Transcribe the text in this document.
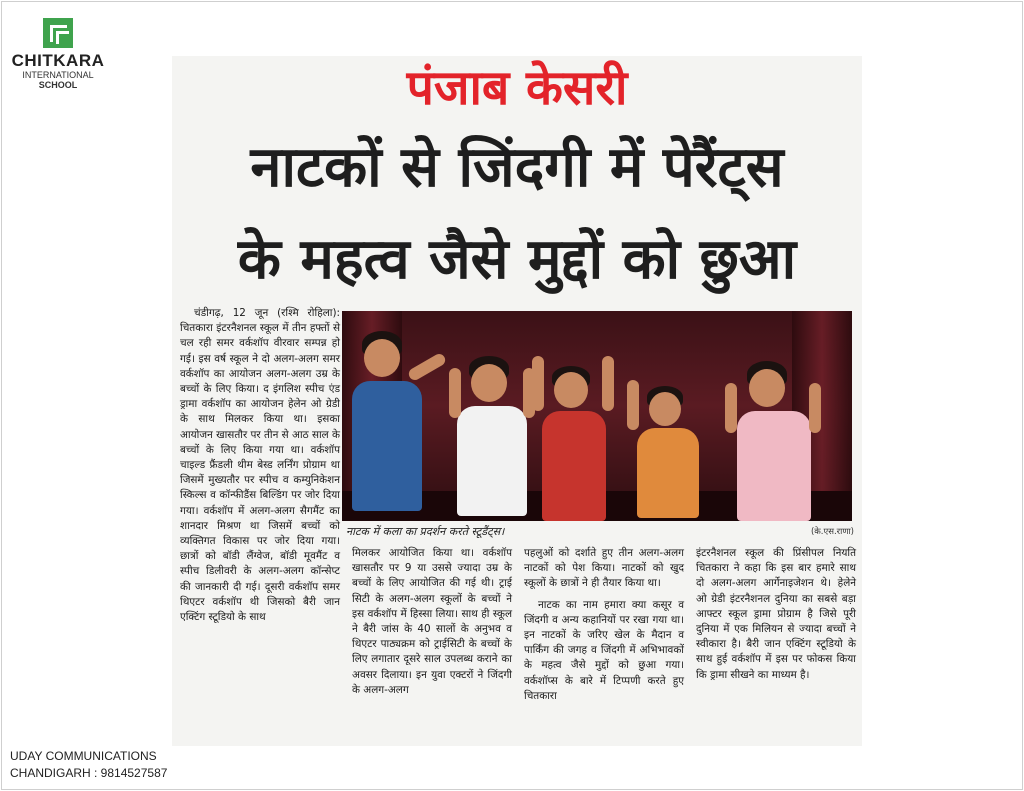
CHITKARA
INTERNATIONAL
SCHOOL	पंजाब केसरी
नाटकों से जिंदगी में पेरैंट्स
के महत्व जैसे मुद्दों को छुआ

चंडीगढ़, 12 जून (रश्मि रोहिला): चितकारा इंटरनैशनल स्कूल में तीन हफ्तों से चल रही समर वर्कशॉप वीरवार सम्पन्न हो गई। इस वर्ष स्कूल ने दो अलग-अलग समर वर्कशॉप का आयोजन अलग-अलग उम्र के बच्चों के लिए किया। द इंगलिश स्पीच एंड ड्रामा वर्कशॉप का आयोजन हेलेन ओ ग्रेडी के साथ मिलकर किया था। इसका आयोजन खासतौर पर तीन से आठ साल के बच्चों के लिए किया गया था। वर्कशॉप चाइल्ड फ्रैंडली थीम बेस्ड लर्निंग प्रोग्राम था जिसमें मुख्यतौर पर स्पीच व कम्युनिकेशन स्किल्स व कॉन्फीडैंस बिल्डिंग पर जोर दिया गया। वर्कशॉप में अलग-अलग सैगमैंट का शानदार मिश्रण था जिसमें बच्चों को व्यक्तिगत विकास पर जोर दिया गया। छात्रों को बॉडी लैंग्वेज, बॉडी मूवमैंट व स्पीच डिलीवरी के अलग-अलग कॉन्सेप्ट की जानकारी दी गई। दूसरी वर्कशॉप समर थिएटर वर्कशॉप थी जिसको बैरी जान एक्टिंग स्टूडियो के साथ

नाटक में कला का प्रदर्शन करते स्टूडैंट्स।	(के.एस.राणा)

मिलकर आयोजित किया था। वर्कशॉप खासतौर पर 9 या उससे ज्यादा उम्र के बच्चों के लिए आयोजित की गई थी। ट्राई सिटी के अलग-अलग स्कूलों के बच्चों ने इस वर्कशॉप में हिस्सा लिया। साथ ही स्कूल ने बैरी जांस के 40 सालों के अनुभव व थिएटर पाठ्यक्रम को ट्राईसिटी के बच्चों के लिए लगातार दूसरे साल उपलब्ध कराने का अवसर दिलाया। इन युवा एक्टरों ने जिंदगी के अलग-अलग

पहलुओं को दर्शाते हुए तीन अलग-अलग नाटकों को पेश किया। नाटकों को खुद स्कूलों के छात्रों ने ही तैयार किया था।

नाटक का नाम हमारा क्या कसूर व जिंदगी व अन्य कहानियों पर रखा गया था। इन नाटकों के जरिए खेल के मैदान व पार्किंग की जगह व जिंदगी में अभिभावकों के महत्व जैसे मुद्दों को छुआ गया। वर्कशॉप्स के बारे में टिप्पणी करते हुए चितकारा

इंटरनैशनल स्कूल की प्रिंसीपल नियति चितकारा ने कहा कि इस बार हमारे साथ दो अलग-अलग आर्गेनाइजेशन थे। हेलेने ओ ग्रेडी इंटरनैशनल दुनिया का सबसे बड़ा आफ्टर स्कूल ड्रामा प्रोग्राम है जिसे पूरी दुनिया में एक मिलियन से ज्यादा बच्चों ने स्वीकारा है। बैरी जान एक्टिंग स्टूडियो के साथ हुई वर्कशॉप में इस पर फोकस किया कि ड्रामा सीखने का माध्यम है।

UDAY COMMUNICATIONS
CHANDIGARH : 9814527587
